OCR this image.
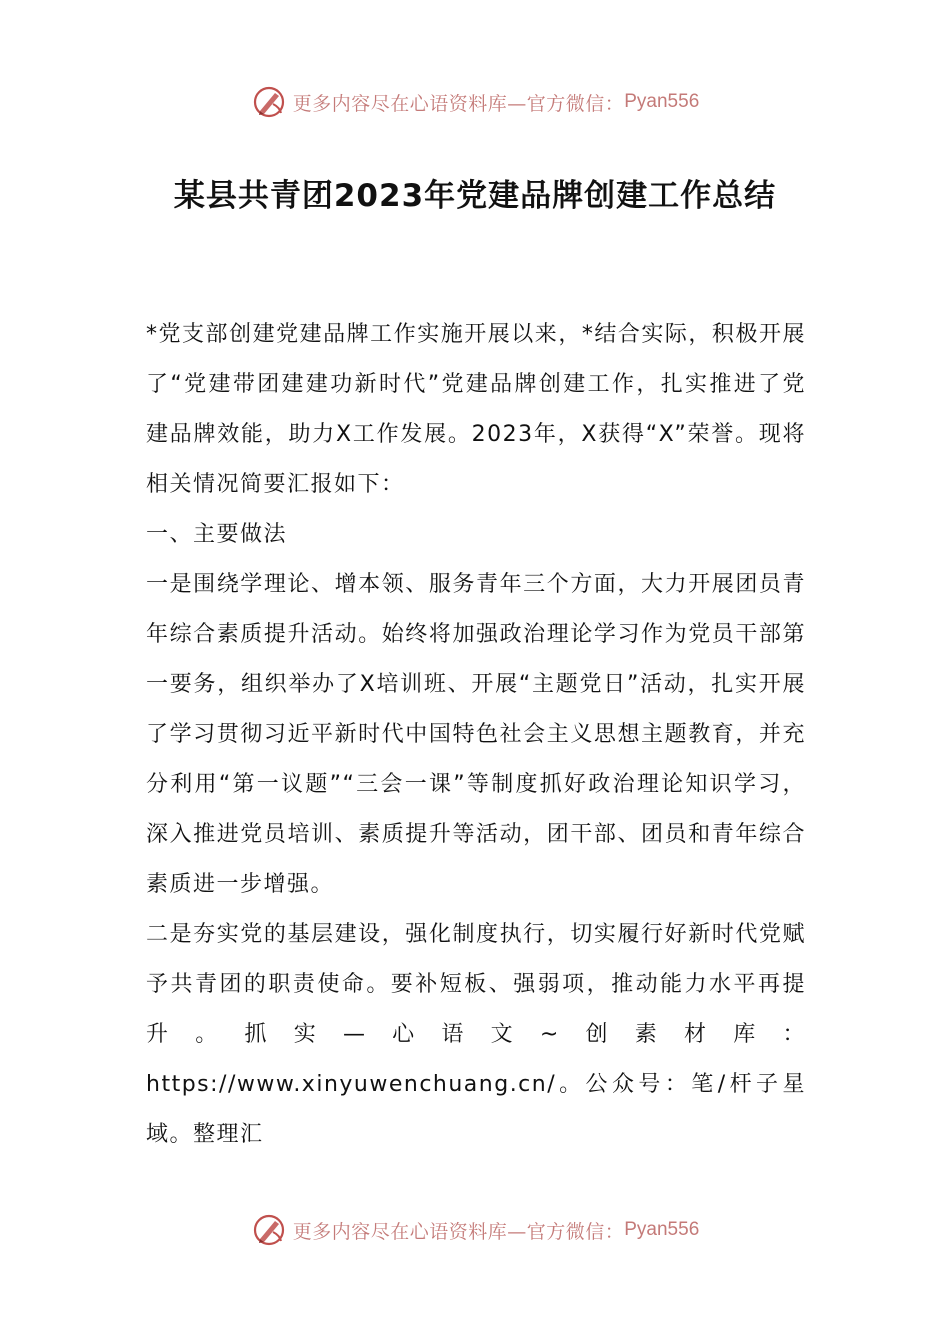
更多内容尽在心语资料库—官方微信： Pyan556
某县共青团2023年党建品牌创建工作总结

*党支部创建党建品牌工作实施开展以来，*结合实际，积极开展了“党建带团建建功新时代”党建品牌创建工作，扎实推进了党建品牌效能，助力X工作发展。2023年，X获得“X”荣誉。现将相关情况简要汇报如下：

一、主要做法

一是围绕学理论、增本领、服务青年三个方面，大力开展团员青年综合素质提升活动。始终将加强政治理论学习作为党员干部第一要务，组织举办了X培训班、开展“主题党日”活动，扎实开展了学习贯彻习近平新时代中国特色社会主义思想主题教育，并充分利用“第一议题”“三会一课”等制度抓好政治理论知识学习，深入推进党员培训、素质提升等活动，团干部、团员和青年综合素质进一步增强。

二是夯实党的基层建设，强化制度执行，切实履行好新时代党赋予共青团的职责使命。要补短板、强弱项，推动能力水平再提升。抓实—心语文~创素材库：https://www.xinyuwenchuang.cn/。公众号：笔/杆子星域。整理汇

更多内容尽在心语资料库—官方微信： Pyan556
